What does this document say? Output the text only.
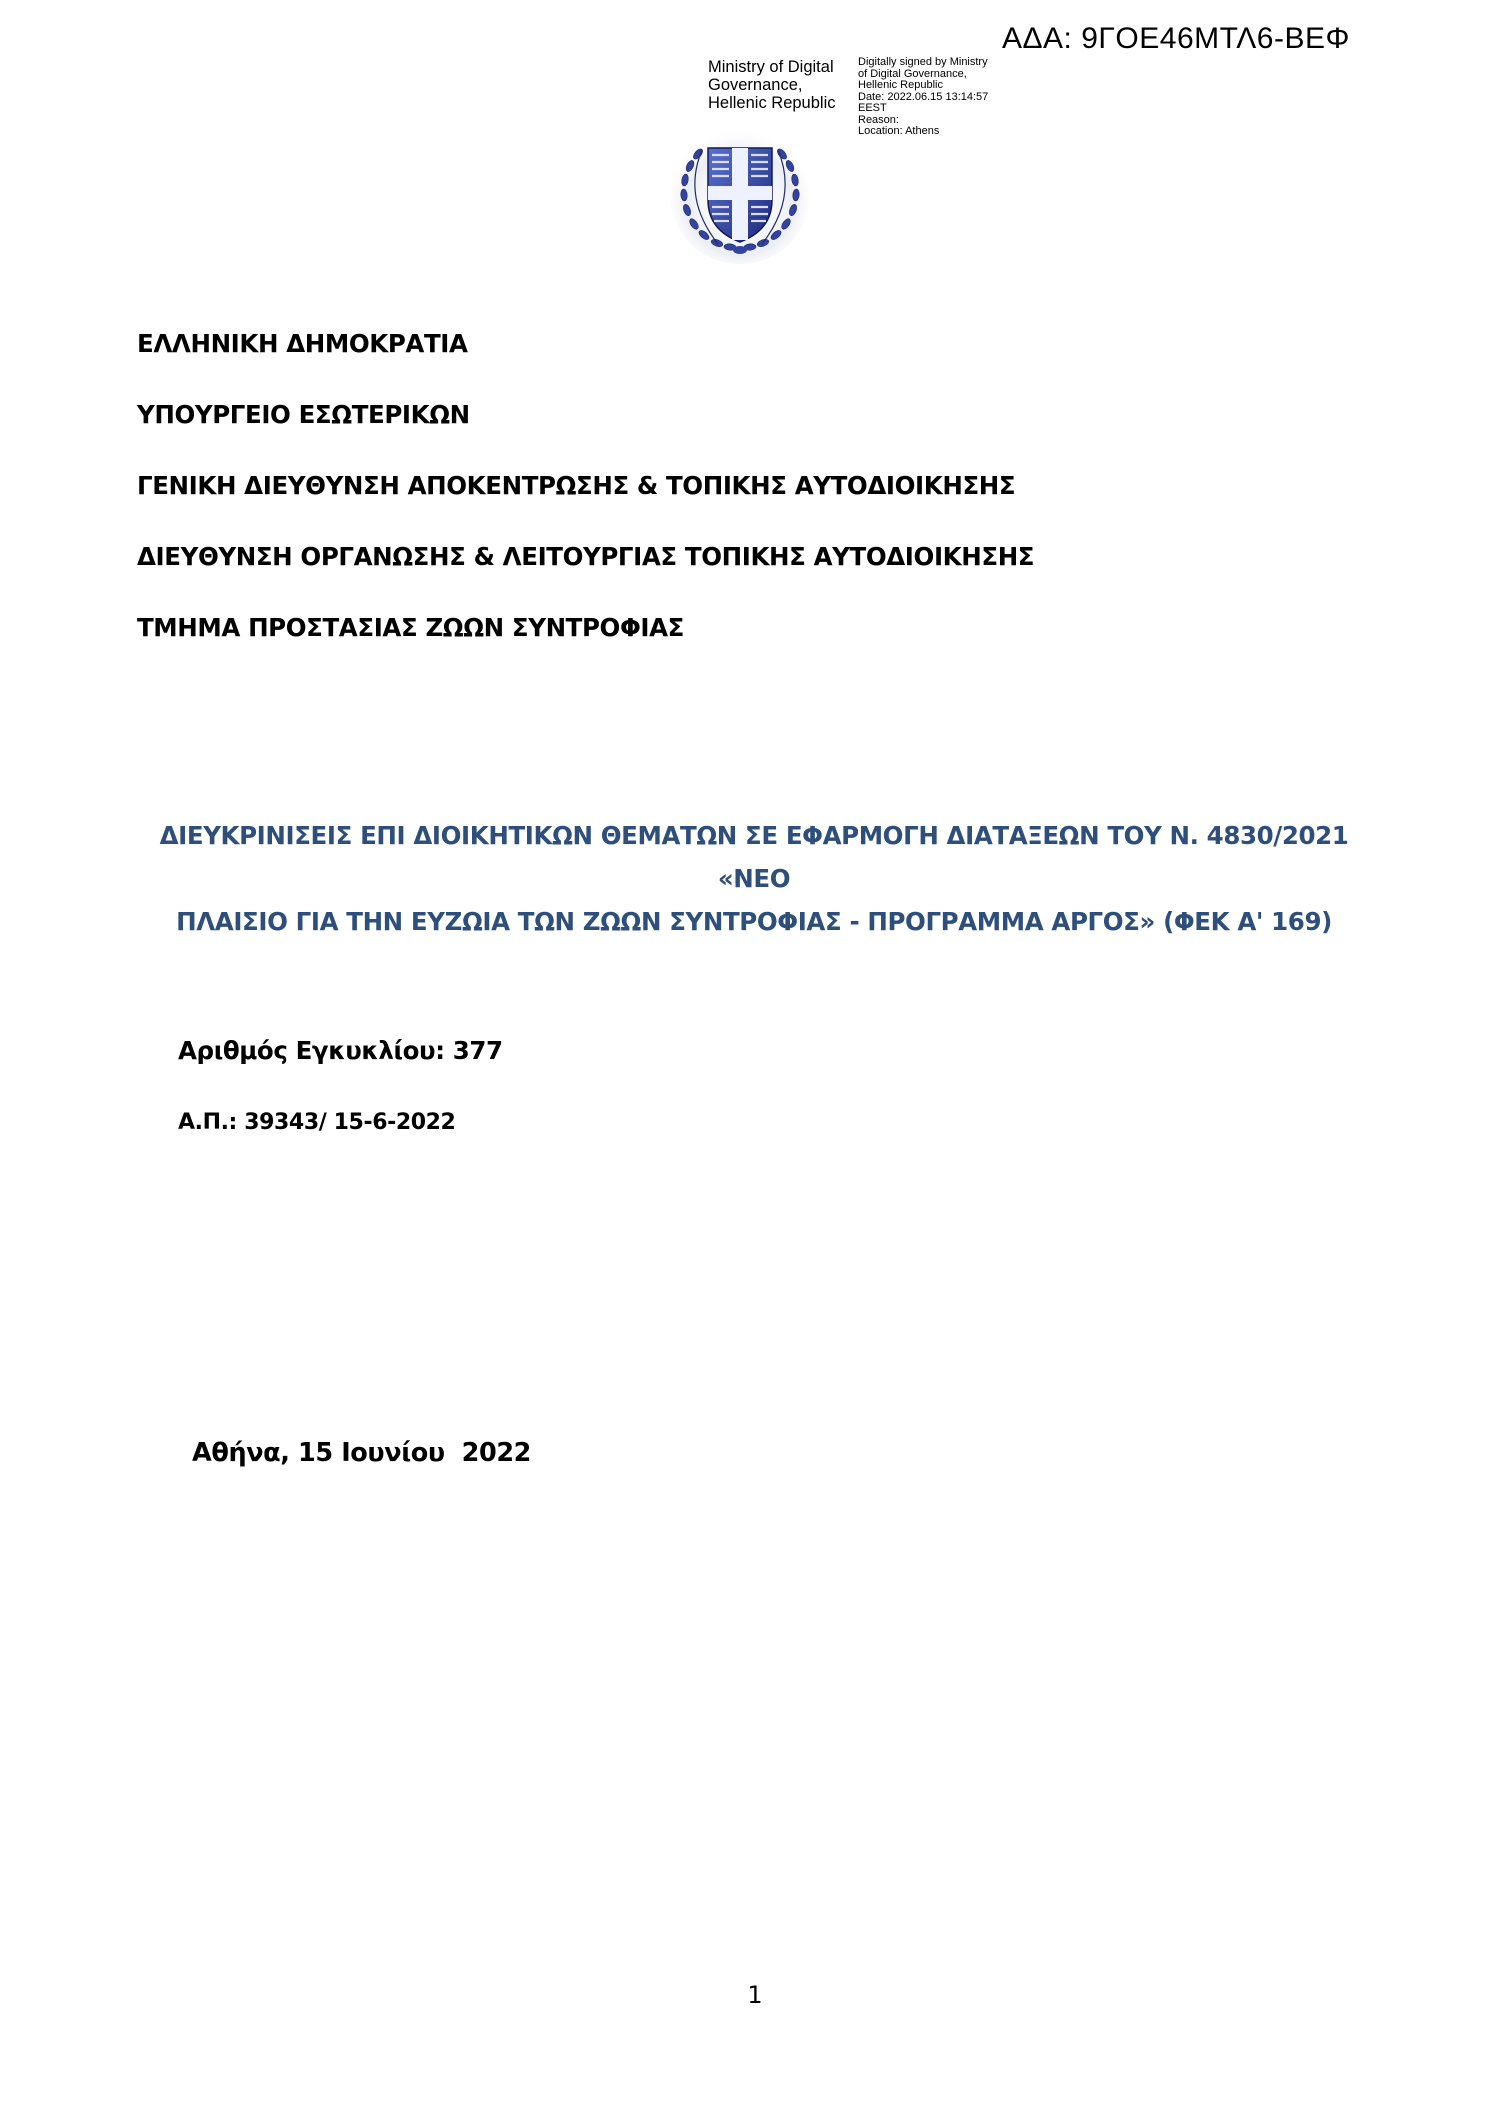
ΑΔΑ: 9ΓΟΕ46ΜΤΛ6-ΒΕΦ
Ministry of Digital
Governance,
Hellenic Republic
Digitally signed by Ministry
of Digital Governance,
Hellenic Republic
Date: 2022.06.15 13:14:57
EEST
Reason:
Location: Athens
ΕΛΛΗΝΙΚΗ ΔΗΜΟΚΡΑΤΙΑ
ΥΠΟΥΡΓΕΙΟ ΕΣΩΤΕΡΙΚΩΝ
ΓΕΝΙΚΗ ΔΙΕΥΘΥΝΣΗ ΑΠΟΚΕΝΤΡΩΣΗΣ & ΤΟΠΙΚΗΣ ΑΥΤΟΔΙΟΙΚΗΣΗΣ
ΔΙΕΥΘΥΝΣΗ ΟΡΓΑΝΩΣΗΣ & ΛΕΙΤΟΥΡΓΙΑΣ ΤΟΠΙΚΗΣ ΑΥΤΟΔΙΟΙΚΗΣΗΣ
ΤΜΗΜΑ ΠΡΟΣΤΑΣΙΑΣ ΖΩΩΝ ΣΥΝΤΡΟΦΙΑΣ
ΔΙΕΥΚΡΙΝΙΣΕΙΣ ΕΠΙ ΔΙΟΙΚΗΤΙΚΩΝ ΘΕΜΑΤΩΝ ΣΕ ΕΦΑΡΜΟΓΗ ΔΙΑΤΑΞΕΩΝ ΤΟΥ Ν. 4830/2021 «ΝΕΟ
ΠΛΑΙΣΙΟ ΓΙΑ ΤΗΝ ΕΥΖΩΙΑ ΤΩΝ ΖΩΩΝ ΣΥΝΤΡΟΦΙΑΣ - ΠΡΟΓΡΑΜΜΑ ΑΡΓΟΣ» (ΦΕΚ Α' 169)
Αριθμός Εγκυκλίου: 377
Α.Π.: 39343/ 15-6-2022
Αθήνα, 15 Ιουνίου  2022
1
